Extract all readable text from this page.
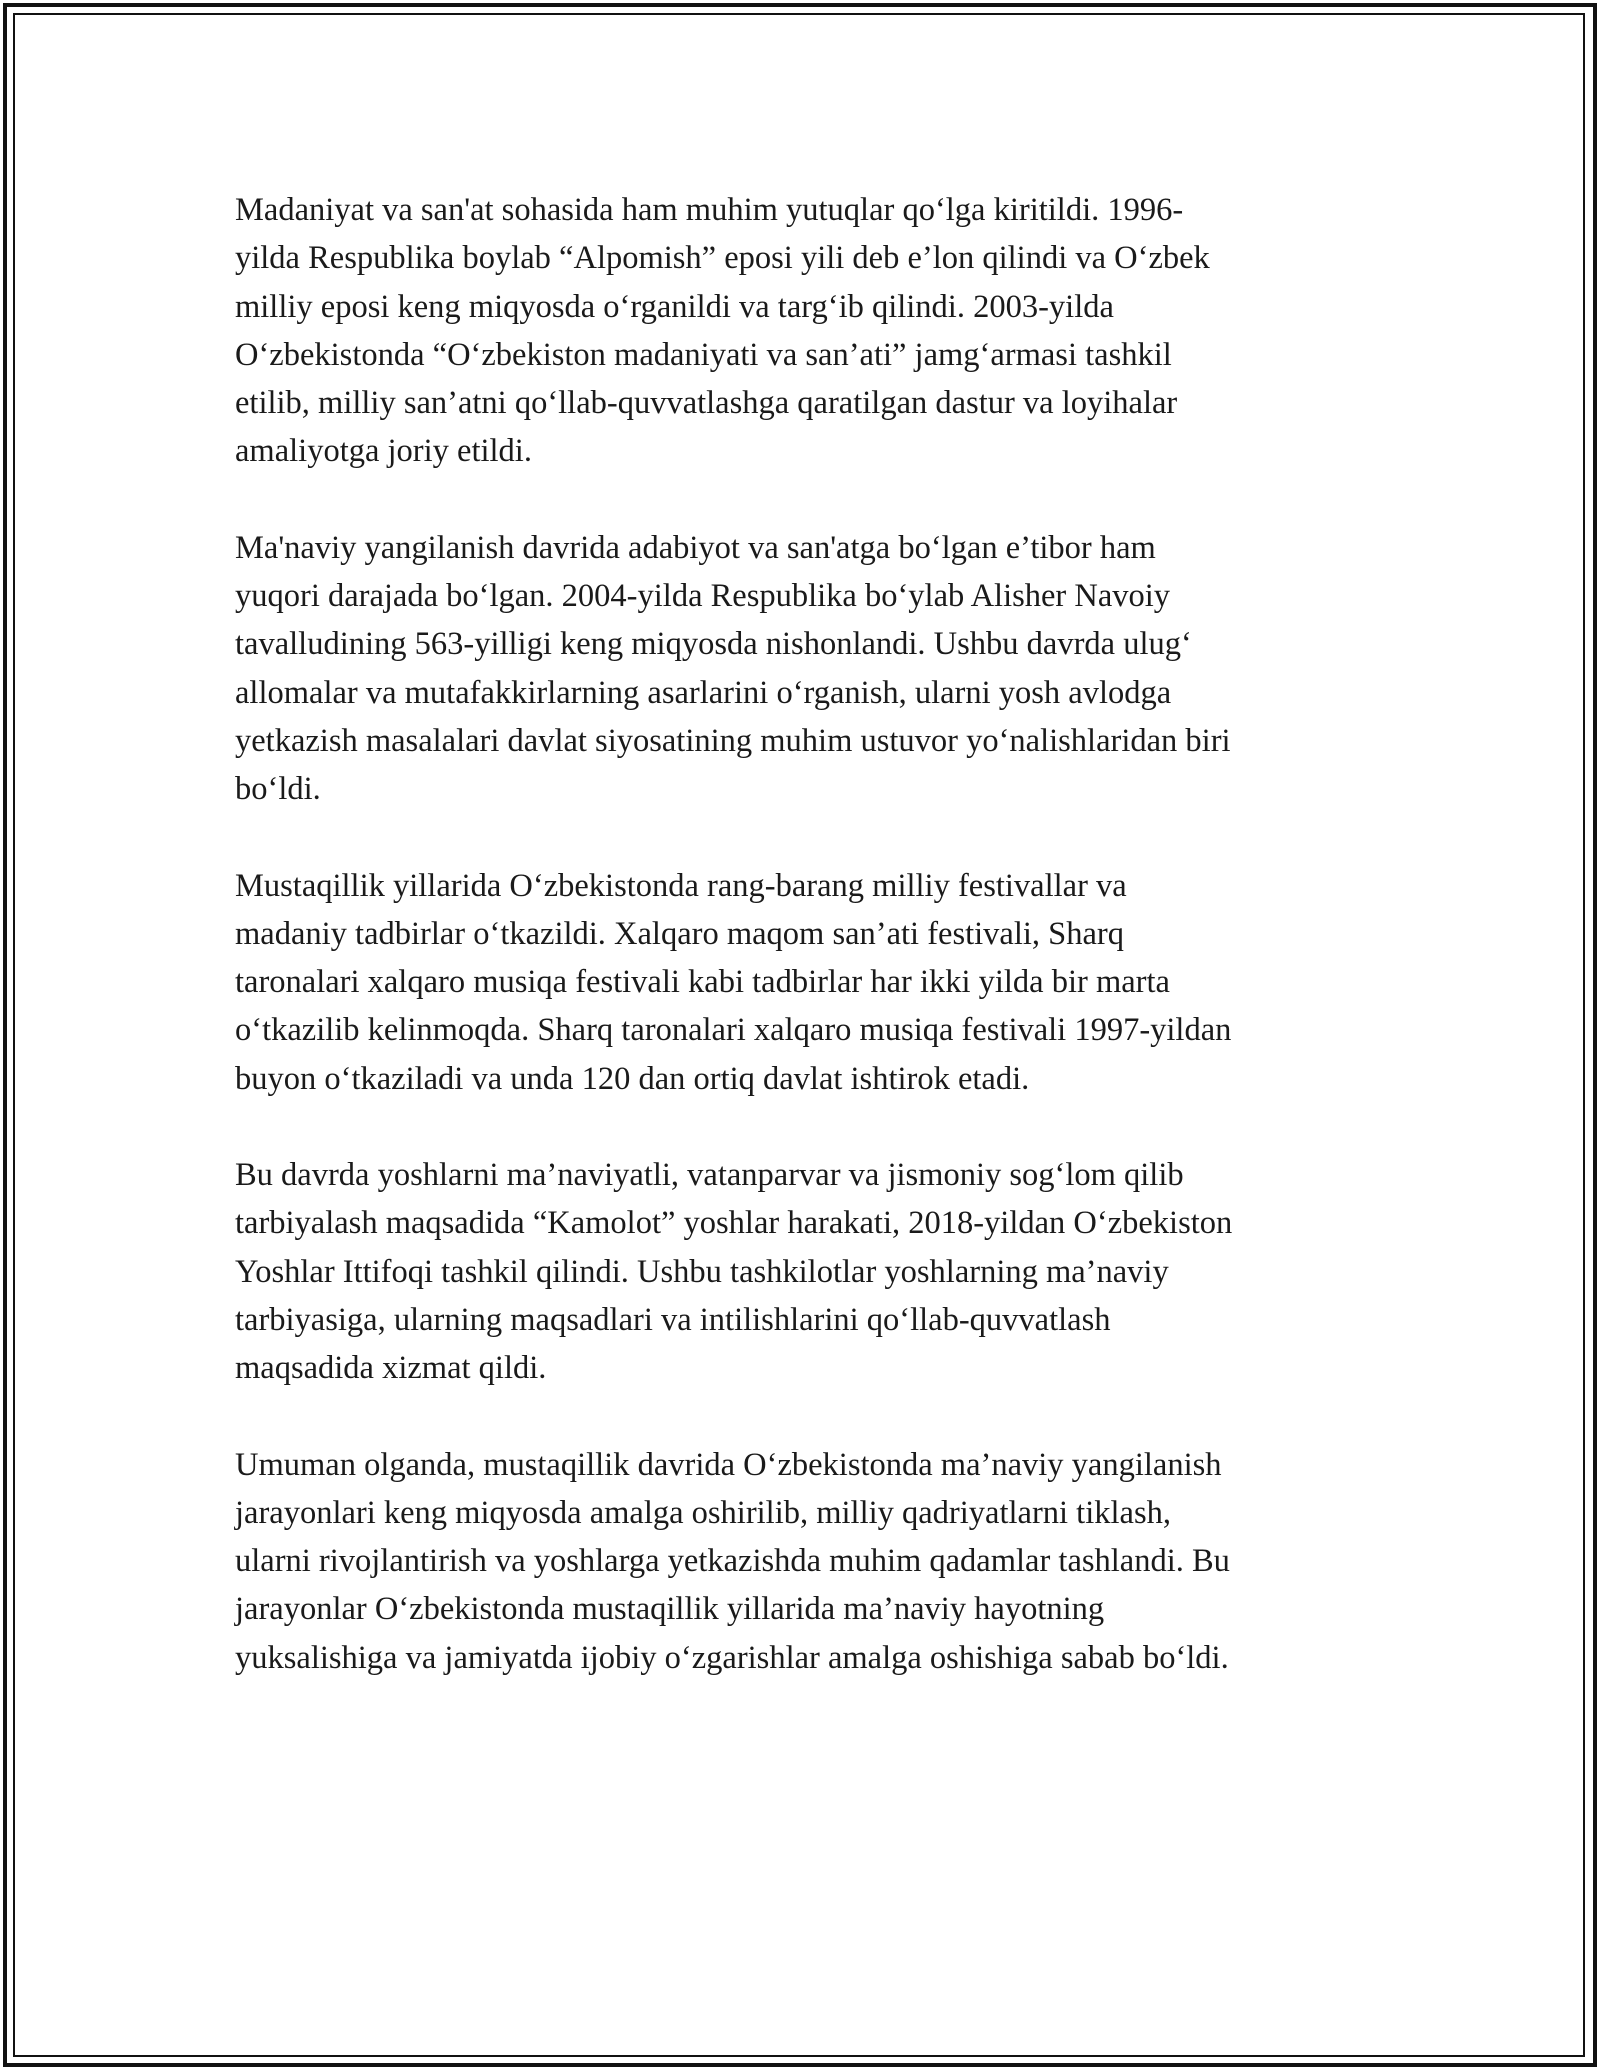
Madaniyat va san'at sohasida ham muhim yutuqlar qo‘lga kiritildi. 1996-
yilda Respublika boylab “Alpomish” eposi yili deb e’lon qilindi va O‘zbek
milliy eposi keng miqyosda o‘rganildi va targ‘ib qilindi. 2003-yilda
O‘zbekistonda “O‘zbekiston madaniyati va san’ati” jamg‘armasi tashkil
etilib, milliy san’atni qo‘llab-quvvatlashga qaratilgan dastur va loyihalar
amaliyotga joriy etildi.

Ma'naviy yangilanish davrida adabiyot va san'atga bo‘lgan e’tibor ham
yuqori darajada bo‘lgan. 2004-yilda Respublika bo‘ylab Alisher Navoiy
tavalludining 563-yilligi keng miqyosda nishonlandi. Ushbu davrda ulug‘
allomalar va mutafakkirlarning asarlarini o‘rganish, ularni yosh avlodga
yetkazish masalalari davlat siyosatining muhim ustuvor yo‘nalishlaridan biri
bo‘ldi.

Mustaqillik yillarida O‘zbekistonda rang-barang milliy festivallar va
madaniy tadbirlar o‘tkazildi. Xalqaro maqom san’ati festivali, Sharq
taronalari xalqaro musiqa festivali kabi tadbirlar har ikki yilda bir marta
o‘tkazilib kelinmoqda. Sharq taronalari xalqaro musiqa festivali 1997-yildan
buyon o‘tkaziladi va unda 120 dan ortiq davlat ishtirok etadi.

Bu davrda yoshlarni ma’naviyatli, vatanparvar va jismoniy sog‘lom qilib
tarbiyalash maqsadida “Kamolot” yoshlar harakati, 2018-yildan O‘zbekiston
Yoshlar Ittifoqi tashkil qilindi. Ushbu tashkilotlar yoshlarning ma’naviy
tarbiyasiga, ularning maqsadlari va intilishlarini qo‘llab-quvvatlash
maqsadida xizmat qildi.

Umuman olganda, mustaqillik davrida O‘zbekistonda ma’naviy yangilanish
jarayonlari keng miqyosda amalga oshirilib, milliy qadriyatlarni tiklash,
ularni rivojlantirish va yoshlarga yetkazishda muhim qadamlar tashlandi. Bu
jarayonlar O‘zbekistonda mustaqillik yillarida ma’naviy hayotning
yuksalishiga va jamiyatda ijobiy o‘zgarishlar amalga oshishiga sabab bo‘ldi.
